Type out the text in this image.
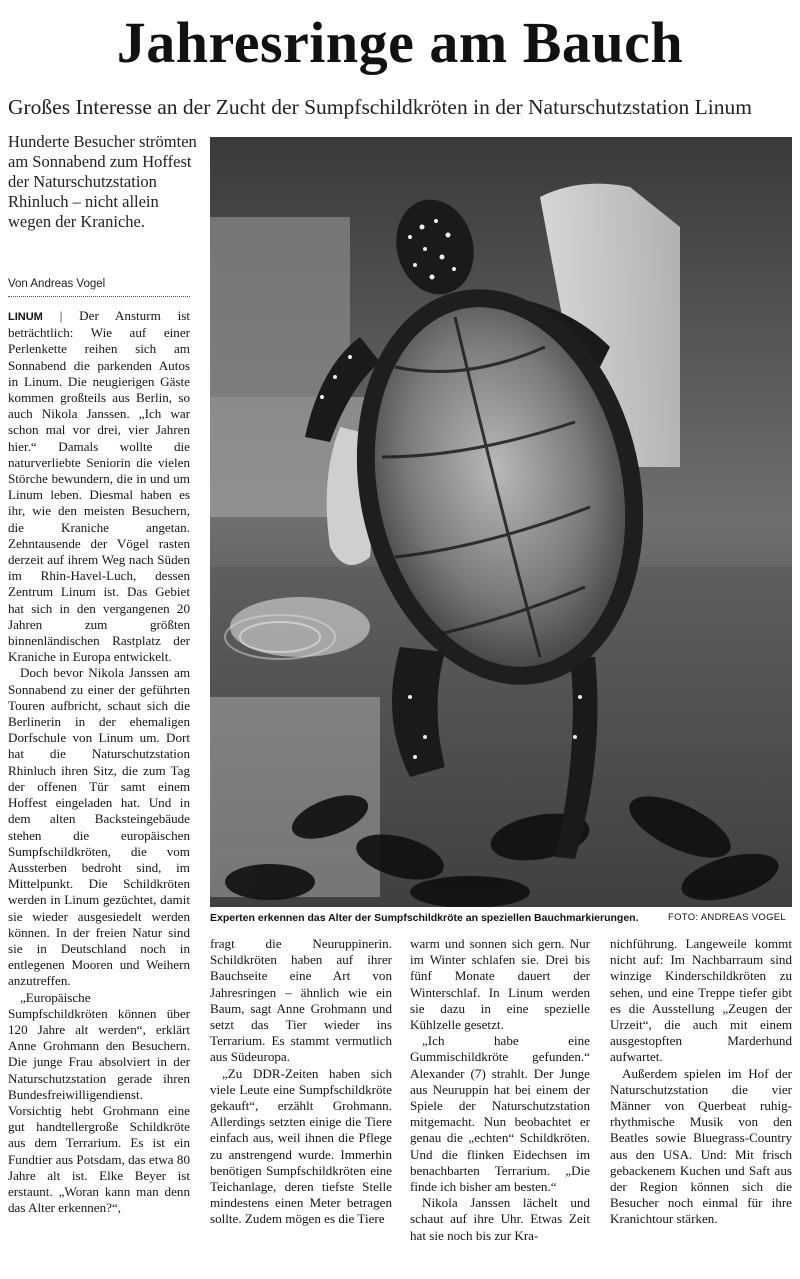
Jahresringe am Bauch
Großes Interesse an der Zucht der Sumpfschildkröten in der Naturschutzstation Linum
Hunderte Besucher strömten am Sonnabend zum Hoffest der Naturschutzstation Rhinluch – nicht allein wegen der Kraniche.
Von Andreas Vogel

LINUM | Der Ansturm ist beträchtlich: Wie auf einer Perlenkette reihen sich am Sonnabend die parkenden Autos in Linum. Die neugierigen Gäste kommen großteils aus Berlin, so auch Nikola Janssen. „Ich war schon mal vor drei, vier Jahren hier.“ Damals wollte die naturverliebte Seniorin die vielen Störche bewundern, die in und um Linum leben. Diesmal haben es ihr, wie den meisten Besuchern, die Kraniche angetan. Zehntausende der Vögel rasten derzeit auf ihrem Weg nach Süden im Rhin-Havel-Luch, dessen Zentrum Linum ist. Das Gebiet hat sich in den vergangenen 20 Jahren zum größten binnenländischen Rastplatz der Kraniche in Europa entwickelt.

Doch bevor Nikola Janssen am Sonnabend zu einer der geführten Touren aufbricht, schaut sich die Berlinerin in der ehemaligen Dorfschule von Linum um. Dort hat die Naturschutzstation Rhinluch ihren Sitz, die zum Tag der offenen Tür samt einem Hoffest eingeladen hat. Und in dem alten Backsteingebäude stehen die europäischen Sumpfschildkröten, die vom Aussterben bedroht sind, im Mittelpunkt. Die Schildkröten werden in Linum gezüchtet, damit sie wieder ausgesiedelt werden können. In der freien Natur sind sie in Deutschland noch in entlegenen Mooren und Weihern anzutreffen.

„Europäische Sumpfschildkröten können über 120 Jahre alt werden“, erklärt Anne Grohmann den Besuchern. Die junge Frau absolviert in der Naturschutzstation gerade ihren Bundesfreiwilligendienst. Vorsichtig hebt Grohmann eine gut handtellergroße Schildkröte aus dem Terrarium. Es ist ein Fundtier aus Potsdam, das etwa 80 Jahre alt ist. Elke Beyer ist erstaunt. „Woran kann man denn das Alter erkennen?“,

Experten erkennen das Alter der Sumpfschildkröte an speziellen Bauchmarkierungen.	FOTO: ANDREAS VOGEL

fragt die Neuruppinerin. Schildkröten haben auf ihrer Bauchseite eine Art von Jahresringen – ähnlich wie ein Baum, sagt Anne Grohmann und setzt das Tier wieder ins Terrarium. Es stammt vermutlich aus Südeuropa.

„Zu DDR-Zeiten haben sich viele Leute eine Sumpfschildkröte gekauft“, erzählt Grohmann. Allerdings setzten einige die Tiere einfach aus, weil ihnen die Pflege zu anstrengend wurde. Immerhin benötigen Sumpfschildkröten eine Teichanlage, deren tiefste Stelle mindestens einen Meter betragen sollte. Zudem mögen es die Tiere

warm und sonnen sich gern. Nur im Winter schlafen sie. Drei bis fünf Monate dauert der Winterschlaf. In Linum werden sie dazu in eine spezielle Kühlzelle gesetzt.

„Ich habe eine Gummischildkröte gefunden.“ Alexander (7) strahlt. Der Junge aus Neuruppin hat bei einem der Spiele der Naturschutzstation mitgemacht. Nun beobachtet er genau die „echten“ Schildkröten. Und die flinken Eidechsen im benachbarten Terrarium. „Die finde ich bisher am besten.“

Nikola Janssen lächelt und schaut auf ihre Uhr. Etwas Zeit hat sie noch bis zur Kra-

nichführung. Langeweile kommt nicht auf: Im Nachbarraum sind winzige Kinderschildkröten zu sehen, und eine Treppe tiefer gibt es die Ausstellung „Zeugen der Urzeit“, die auch mit einem ausgestopften Marderhund aufwartet.

Außerdem spielen im Hof der Naturschutzstation die vier Männer von Querbeat ruhig-rhythmische Musik von den Beatles sowie Bluegrass-Country aus den USA. Und: Mit frisch gebackenem Kuchen und Saft aus der Region können sich die Besucher noch einmal für ihre Kranichtour stärken.
